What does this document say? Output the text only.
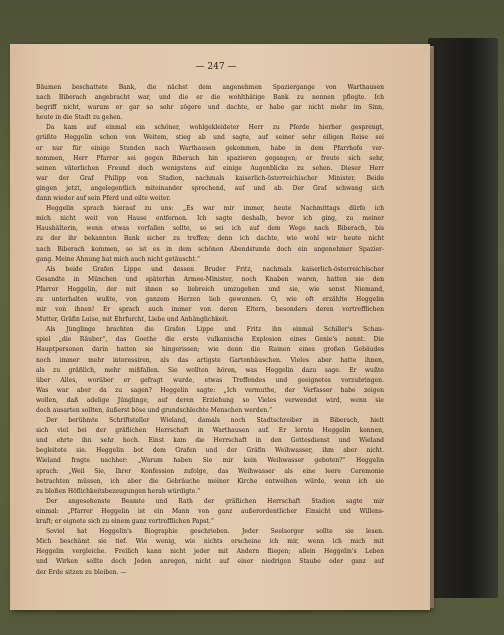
— 247 —
Bäumen beschattete Bank, die nächst dem angenehmen Spaziergange von Warthausen
nach Biberach angebracht war, und die er die wohlthätige Bank zu nennen pflegte. Ich
begriff nicht, warum er gar so sehr zögere und dachte, er habe gar nicht mehr im Sinn,
heute in die Stadt zu gehen.
Da kam auf einmal ein schöner, wohlgekleideter Herr zu Pferde hierher gesprengt,
grüßte Heggelin schon von Weitem, stieg ab und sagte, auf seiner sehr eiligen Reise sei
er nur für einige Stunden nach Warthausen gekommen, habe in dem Pfarrhofe ver-
nommen, Herr Pfarrer sei gegen Biberach hin spazieren gegangen; er freute sich sehr,
seinen väterlichen Freund doch wenigstens auf einige Augenblicke zu sehen. Dieser Herr
war der Graf Philipp von Stadion, nachmals kaiserlich-österreichischer Minister. Beide
gingen jetzt, angelegentlich miteinander sprechend, auf und ab. Der Graf schwang sich
dann wieder auf sein Pferd und eilte weiter.
Heggelin sprach hierauf zu uns: „Es war mir immer, heute Nachmittags dürfe ich
mich nicht weit von Hause entfernen. Ich sagte deshalb, bevor ich ging, zu meiner
Haushälterin, wenn etwas vorfallen sollte, so sei ich auf dem Wege nach Biberach, bis
zu der ihr bekannten Bank sicher zu treffen; denn ich dachte, wie wohl wir heute nicht
nach Biberach kommen, so ist es in dem schönen Abendstunde doch ein angenehmer Spazier-
gang. Meine Ahnung hat mich auch nicht getäuscht.“
Als beide Grafen Lippe und dessen Bruder Fritz, nachmals kaiserlich-österreichischer
Gesandte in München und späterhin Armee-Minister, noch Knaben waren, hatten sie den
Pfarrer Heggelin, der mit ihnen so liebreich umzugehen und sie, wie sonst Niemand,
zu unterhalten wußte, von ganzem Herzen lieb gewonnen. O, wie oft erzählte Heggelin
mir von ihnen! Er sprach auch immer von deren Eltern, besonders deren vortrefflichen
Mutter, Gräfin Luise, mit Ehrfurcht, Liebe und Anhänglichkeit.
Als Jünglinge brachten die Grafen Lippe und Fritz ihn einmal Schiller's Schau-
spiel „die Räuber“, das Goethe die erste vulkanische Explosion eines Genie's nennt. Die
Hauptpersonen darin hatten sie hingerissen; wie denn die Ruinen eines großen Gebäudes
noch immer mehr interessiren, als das artigste Gartenhäuschen. Vieles aber hatte ihnen,
als zu gräßlich, mehr mißfallen. Sie wollten hören, was Heggelin dazu sage. Er wußte
über Alles, worüber er gefragt wurde, etwas Treffendes und geeignetes vorzubringen.
Was war aber da zu sagen? Heggelin sagte: „Ich vermuthe, der Verfasser habe zeigen
wollen, daß adelige Jünglinge, auf deren Erziehung so Vieles verwendet wird, wenn sie
doch ausarten sollten, äußerst böse und grundschlechte Menschen werden.“
Der berühmte Schriftsteller Wieland, damals noch Stadtschreiber in Biberach, hielt
sich viel bei der gräflichen Herrschaft in Warthausen auf. Er lernte Heggelin kennen,
und ehrte ihn sehr hoch. Einst kam die Herrschaft in den Gottesdienst und Wieland
begleitete sie. Heggelin bot dem Grafen und der Gräfin Weihwasser, ihm aber nicht.
Wieland fragte nachher: „Warum haben Sie mir kein Weihwasser geboten?“ Heggelin
sprach: „Weil Sie, Ihrer Konfession zufolge, das Weihwasser als eine leere Ceremonie
betrachten müssen, ich aber die Gebräuche meiner Kirche entweihen würde, wenn ich sie
zu bloßen Höflichkeitsbezeugungen herab würdigte.“
Der angesehenste Beamte und Rath der gräflichen Herrschaft Stadion sagte mir
einmal: „Pfarrer Heggelin ist ein Mann von ganz außerordentlicher Einsicht und Willens-
kraft; er eignete sich zu einem ganz vortrefflichen Papst.“
Soviel hat Heggelin's Biographie geschrieben. Jeder Seelsorger sollte sie lesen.
Mich beschämt sie tief. Wie wenig, wie nichts erscheine ich mir, wenn ich mich mit
Heggelin vergleiche. Freilich kann nicht jeder mit Andern fliegen; allein Heggelin's Leben
und Wirken sollte doch Jeden anregen, nicht auf einer niedrigen Staube oder ganz auf
der Erde sitzen zu bleiben. —
